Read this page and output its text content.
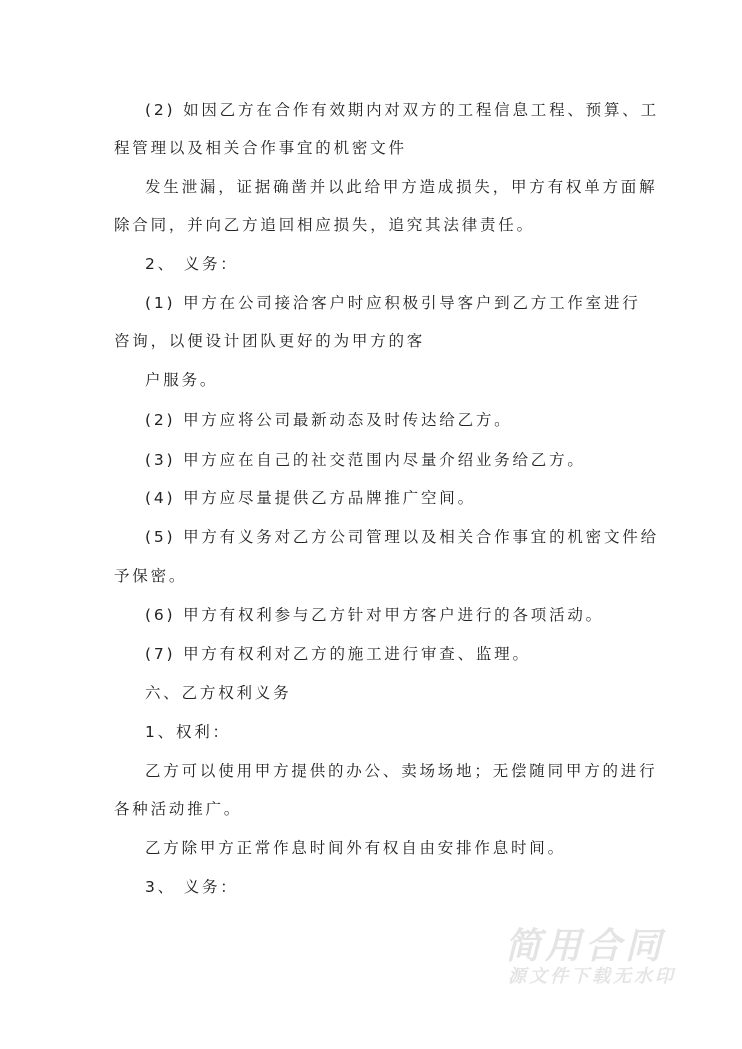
(2) 如因乙方在合作有效期内对双方的工程信息工程、预算、工
程管理以及相关合作事宜的机密文件
发生泄漏，证据确凿并以此给甲方造成损失，甲方有权单方面解
除合同，并向乙方追回相应损失，追究其法律责任。
2、 义务：
(1) 甲方在公司接洽客户时应积极引导客户到乙方工作室进行
咨询，以便设计团队更好的为甲方的客
户服务。
(2) 甲方应将公司最新动态及时传达给乙方。
(3) 甲方应在自己的社交范围内尽量介绍业务给乙方。
(4) 甲方应尽量提供乙方品牌推广空间。
(5) 甲方有义务对乙方公司管理以及相关合作事宜的机密文件给
予保密。
(6) 甲方有权利参与乙方针对甲方客户进行的各项活动。
(7) 甲方有权利对乙方的施工进行审查、监理。
六、乙方权利义务
1、权利：
乙方可以使用甲方提供的办公、卖场场地；无偿随同甲方的进行
各种活动推广。
乙方除甲方正常作息时间外有权自由安排作息时间。
3、 义务：
简用合同
源文件下载无水印
